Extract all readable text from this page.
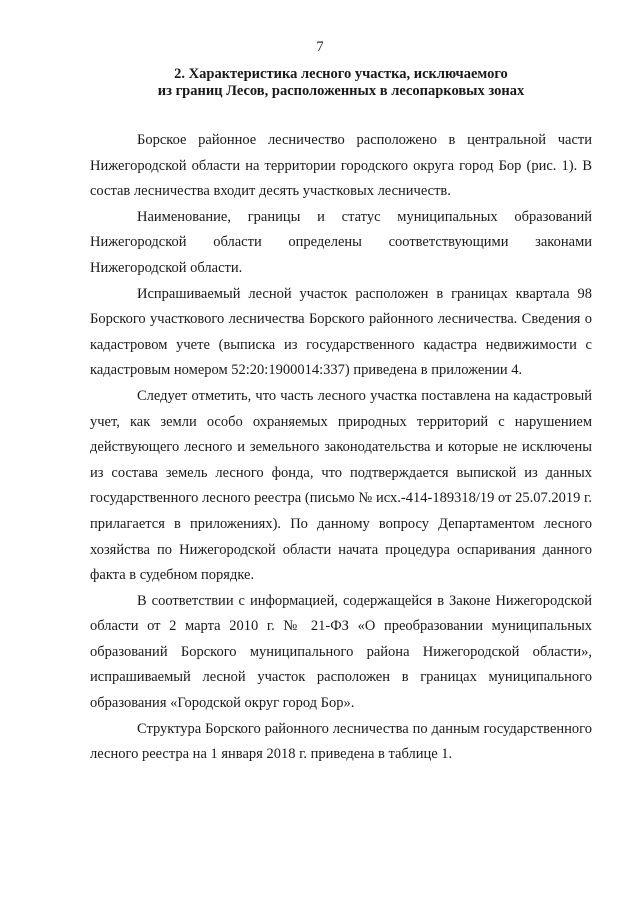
7
2. Характеристика лесного участка, исключаемого
из границ Лесов, расположенных в лесопарковых зонах

Борское районное лесничество расположено в центральной части Нижегородской области на территории городского округа город Бор (рис. 1). В состав лесничества входит десять участковых лесничеств.

Наименование, границы и статус муниципальных образований Нижегородской области определены соответствующими законами Нижегородской области.

Испрашиваемый лесной участок расположен в границах квартала 98 Борского участкового лесничества Борского районного лесничества. Сведения о кадастровом учете (выписка из государственного кадастра недвижимости с кадастровым номером 52:20:1900014:337) приведена в приложении 4.

Следует отметить, что часть лесного участка поставлена на кадастровый учет, как земли особо охраняемых природных территорий с нарушением действующего лесного и земельного законодательства и которые не исключены из состава земель лесного фонда, что подтверждается выпиской из данных государственного лесного реестра (письмо № исх.-414-189318/19 от 25.07.2019 г. прилагается в приложениях). По данному вопросу Департаментом лесного хозяйства по Нижегородской области начата процедура оспаривания данного факта в судебном порядке.

В соответствии с информацией, содержащейся в Законе Нижегородской области от 2 марта 2010 г. № 21-ФЗ «О преобразовании муниципальных образований Борского муниципального района Нижегородской области», испрашиваемый лесной участок расположен в границах муниципального образования «Городской округ город Бор».

Структура Борского районного лесничества по данным государственного лесного реестра на 1 января 2018 г. приведена в таблице 1.
